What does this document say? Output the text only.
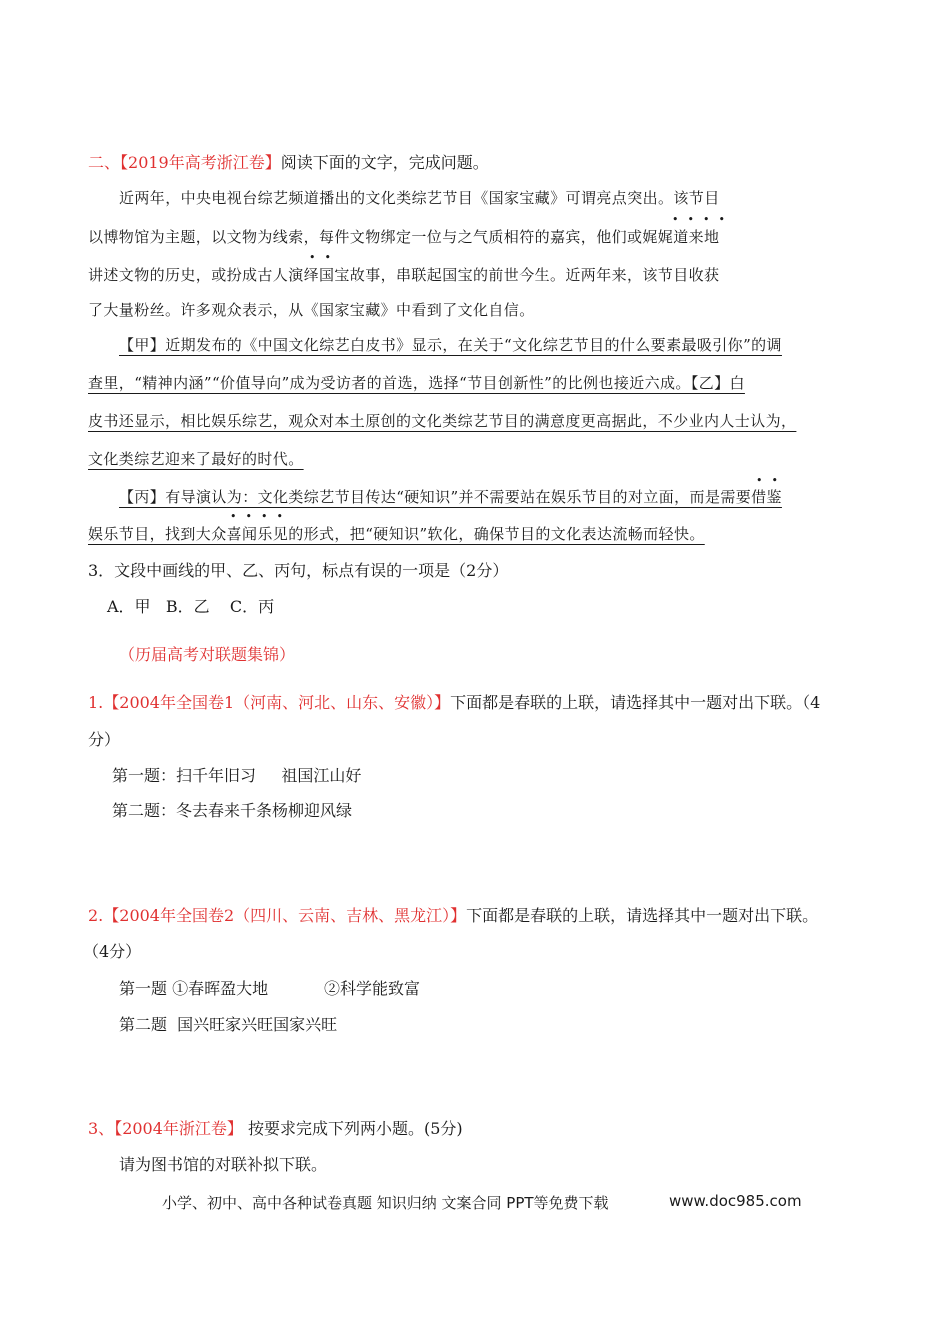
二、【2019年高考浙江卷】阅读下面的文字，完成问题。
近两年，中央电视台综艺频道播出的文化类综艺节目《国家宝藏》可谓亮点突出。该节目
以博物馆为主题，以文物为线索，每件文物绑定一位与之气质相符的嘉宾，他们或娓娓道来地
••••
讲述文物的历史，或扮成古人演绎国宝故事，串联起国宝的前世今生。近两年来，该节目收获
••
了大量粉丝。许多观众表示，从《国家宝藏》中看到了文化自信。
【甲】近期发布的《中国文化综艺白皮书》显示，在关于“文化综艺节目的什么要素最吸引你”的调
查里，“精神内涵”“价值导向”成为受访者的首选，选择“节目创新性”的比例也接近六成。【乙】白
皮书还显示，相比娱乐综艺，观众对本土原创的文化类综艺节目的满意度更高据此，不少业内人士认为，
文化类综艺迎来了最好的时代。
••
【丙】有导演认为：文化类综艺节目传达“硬知识”并不需要站在娱乐节目的对立面，而是需要借鉴
••••
娱乐节目，找到大众喜闻乐见的形式，把“硬知识”软化，确保节目的文化表达流畅而轻快。
3．文段中画线的甲、乙、丙句，标点有误的一项是（2分）
A．甲   B．乙    C．丙
（历届高考对联题集锦）
1.【2004年全国卷1（河南、河北、山东、安徽）】下面都是春联的上联，请选择其中一题对出下联。（4
分）
第一题：扫千年旧习     祖国江山好
第二题：冬去春来千条杨柳迎风绿
2.【2004年全国卷2（四川、云南、吉林、黑龙江）】下面都是春联的上联，请选择其中一题对出下联。
（4分）
第一题 ①春晖盈大地           ②科学能致富
第二题  国兴旺家兴旺国家兴旺
3、【2004年浙江卷】 按要求完成下列两小题。(5分)
请为图书馆的对联补拟下联。
小学、初中、高中各种试卷真题 知识归纳 文案合同 PPT等免费下载	www.doc985.com
